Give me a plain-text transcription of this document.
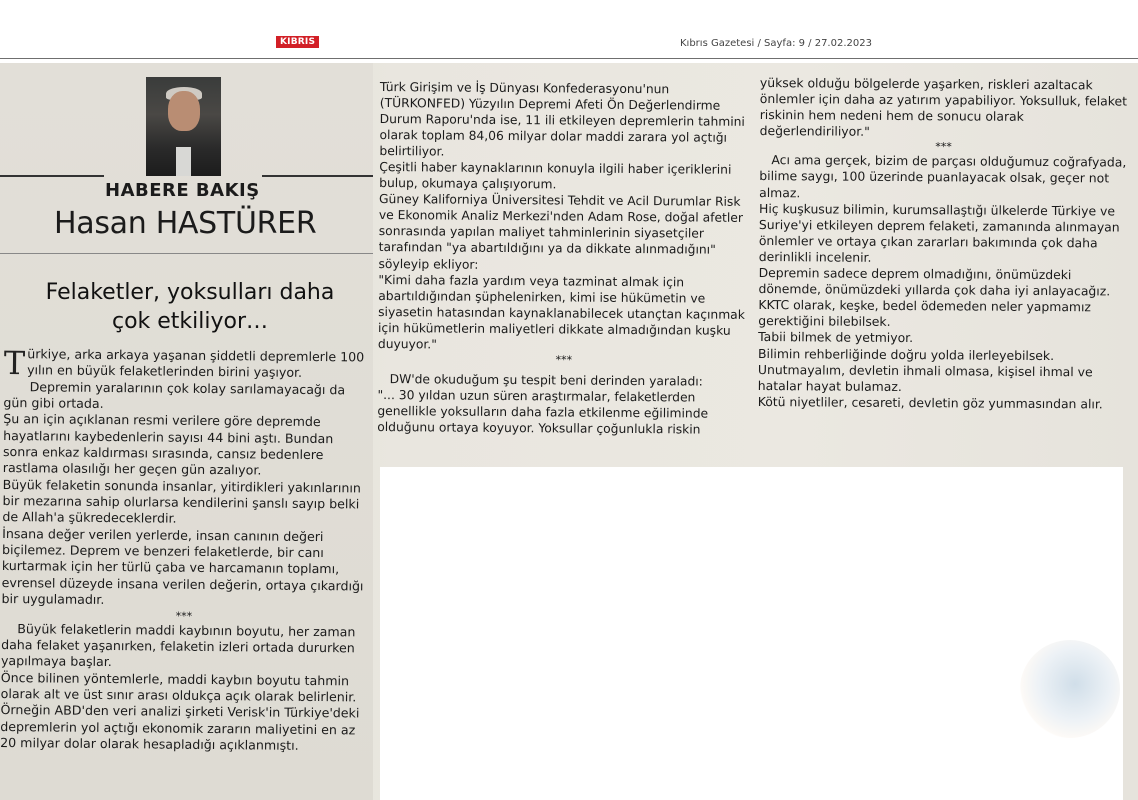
KIBRIS	Kıbrıs Gazetesi / Sayfa: 9 / 27.02.2023
HABERE BAKIŞ
Hasan HASTÜRER
Felaketler, yoksulları daha
çok etkiliyor…
T ürkiye, arka arkaya yaşanan şiddetli depremlerle 100 yılın en büyük felaketlerinden birini yaşıyor.
Depremin yaralarının çok kolay sarılamayacağı da gün gibi ortada.
Şu an için açıklanan resmi verilere göre depremde hayatlarını kaybedenlerin sayısı 44 bini aştı. Bundan sonra enkaz kaldırması sırasında, cansız bedenlere rastlama olasılığı her geçen gün azalıyor.
Büyük felaketin sonunda insanlar, yitirdikleri yakınlarının bir mezarına sahip olurlarsa kendilerini şanslı sayıp belki de Allah'a şükredeceklerdir.
İnsana değer verilen yerlerde, insan canının değeri biçilemez. Deprem ve benzeri felaketlerde, bir canı kurtarmak için her türlü çaba ve harcamanın toplamı, evrensel düzeyde insana verilen değerin, ortaya çıkardığı bir uygulamadır.
***
Büyük felaketlerin maddi kaybının boyutu, her zaman daha felaket yaşanırken, felaketin izleri ortada dururken yapılmaya başlar.
Önce bilinen yöntemlerle, maddi kaybın boyutu tahmin olarak alt ve üst sınır arası oldukça açık olarak belirlenir.
Örneğin ABD'den veri analizi şirketi Verisk'in Türkiye'deki depremlerin yol açtığı ekonomik zararın maliyetini en az 20 milyar dolar olarak hesapladığı açıklanmıştı.
Türk Girişim ve İş Dünyası Konfederasyonu'nun (TÜRKONFED) Yüzyılın Depremi Afeti Ön Değerlendirme Durum Raporu'nda ise, 11 ili etkileyen depremlerin tahmini olarak toplam 84,06 milyar dolar maddi zarara yol açtığı belirtiliyor.
Çeşitli haber kaynaklarının konuyla ilgili haber içeriklerini bulup, okumaya çalışıyorum.
Güney Kaliforniya Üniversitesi Tehdit ve Acil Durumlar Risk ve Ekonomik Analiz Merkezi'nden Adam Rose, doğal afetler sonrasında yapılan maliyet tahminlerinin siyasetçiler tarafından "ya abartıldığını ya da dikkate alınmadığını" söyleyip ekliyor:
"Kimi daha fazla yardım veya tazminat almak için abartıldığından şüphelenirken, kimi ise hükümetin ve siyasetin hatasından kaynaklanabilecek utançtan kaçınmak için hükümetlerin maliyetleri dikkate almadığından kuşku duyuyor."
***
DW'de okuduğum şu tespit beni derinden yaraladı:
"... 30 yıldan uzun süren araştırmalar, felaketlerden genellikle yoksulların daha fazla etkilenme eğiliminde olduğunu ortaya koyuyor. Yoksullar çoğunlukla riskin
yüksek olduğu bölgelerde yaşarken, riskleri azaltacak önlemler için daha az yatırım yapabiliyor. Yoksulluk, felaket riskinin hem nedeni hem de sonucu olarak değerlendiriliyor."
***
Acı ama gerçek, bizim de parçası olduğumuz coğrafyada, bilime saygı, 100 üzerinde puanlayacak olsak, geçer not almaz.
Hiç kuşkusuz bilimin, kurumsallaştığı ülkelerde Türkiye ve Suriye'yi etkileyen deprem felaketi, zamanında alınmayan önlemler ve ortaya çıkan zararları bakımında çok daha derinlikli incelenir.
Depremin sadece deprem olmadığını, önümüzdeki dönemde, önümüzdeki yıllarda çok daha iyi anlayacağız.
KKTC olarak, keşke, bedel ödemeden neler yapmamız gerektiğini bilebilsek.
Tabii bilmek de yetmiyor.
Bilimin rehberliğinde doğru yolda ilerleyebilsek.
Unutmayalım, devletin ihmali olmasa, kişisel ihmal ve hatalar hayat bulamaz.
Kötü niyetliler, cesareti, devletin göz yummasından alır.
